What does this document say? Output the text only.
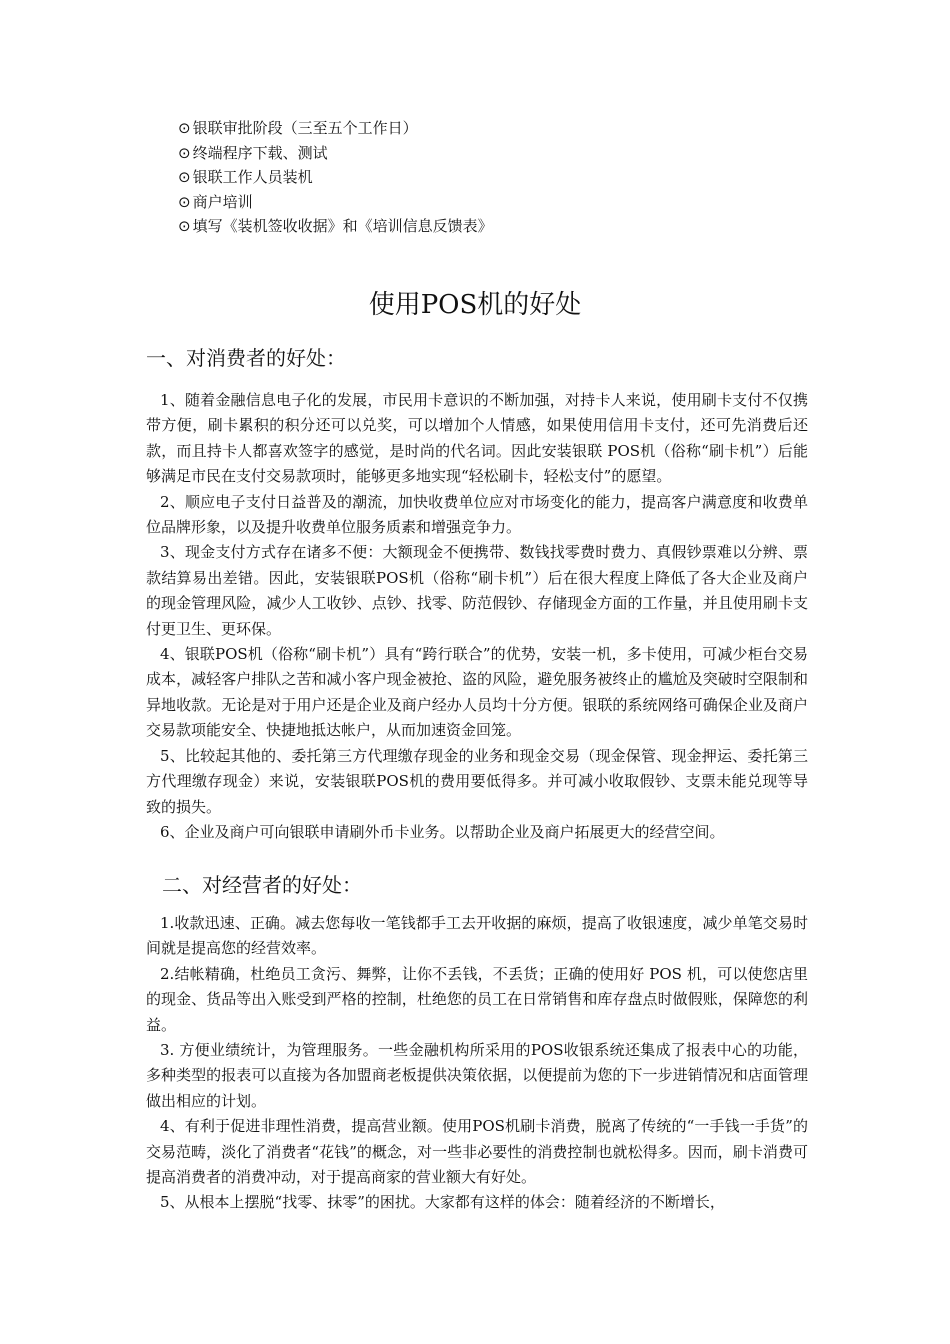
⊙ 银联审批阶段（三至五个工作日）
⊙ 终端程序下载、测试
⊙ 银联工作人员装机
⊙ 商户培训
⊙ 填写《装机签收收据》和《培训信息反馈表》
使用POS机的好处
一、对消费者的好处：

1、随着金融信息电子化的发展，市民用卡意识的不断加强，对持卡人来说，使用刷卡支付不仅携带方便，刷卡累积的积分还可以兑奖，可以增加个人情感，如果使用信用卡支付，还可先消费后还款，而且持卡人都喜欢签字的感觉，是时尚的代名词。因此安装银联 POS机（俗称“刷卡机”）后能够满足市民在支付交易款项时，能够更多地实现“轻松刷卡，轻松支付”的愿望。

2、顺应电子支付日益普及的潮流，加快收费单位应对市场变化的能力，提高客户满意度和收费单位品牌形象，以及提升收费单位服务质素和增强竞争力。

3、现金支付方式存在诸多不便：大额现金不便携带、数钱找零费时费力、真假钞票难以分辨、票款结算易出差错。因此，安装银联POS机（俗称“刷卡机”）后在很大程度上降低了各大企业及商户的现金管理风险，减少人工收钞、点钞、找零、防范假钞、存储现金方面的工作量，并且使用刷卡支付更卫生、更环保。

4、银联POS机（俗称“刷卡机”）具有“跨行联合”的优势，安装一机，多卡使用，可减少柜台交易成本，减轻客户排队之苦和减小客户现金被抢、盗的风险，避免服务被终止的尴尬及突破时空限制和异地收款。无论是对于用户还是企业及商户经办人员均十分方便。银联的系统网络可确保企业及商户交易款项能安全、快捷地抵达帐户，从而加速资金回笼。

5、比较起其他的、委托第三方代理缴存现金的业务和现金交易（现金保管、现金押运、委托第三方代理缴存现金）来说，安装银联POS机的费用要低得多。并可减小收取假钞、支票未能兑现等导致的损失。

6、企业及商户可向银联申请刷外币卡业务。以帮助企业及商户拓展更大的经营空间。

二、对经营者的好处：

1.收款迅速、正确。减去您每收一笔钱都手工去开收据的麻烦，提高了收银速度，减少单笔交易时间就是提高您的经营效率。

2.结帐精确，杜绝员工贪污、舞弊，让你不丢钱，不丢货；正确的使用好 POS 机，可以使您店里的现金、货品等出入账受到严格的控制，杜绝您的员工在日常销售和库存盘点时做假账，保障您的利益。

3. 方便业绩统计，为管理服务。一些金融机构所采用的POS收银系统还集成了报表中心的功能，多种类型的报表可以直接为各加盟商老板提供决策依据，以便提前为您的下一步进销情况和店面管理做出相应的计划。

4、有利于促进非理性消费，提高营业额。使用POS机刷卡消费，脱离了传统的“一手钱一手货”的交易范畴，淡化了消费者“花钱”的概念，对一些非必要性的消费控制也就松得多。因而，刷卡消费可提高消费者的消费冲动，对于提高商家的营业额大有好处。

5、从根本上摆脱“找零、抹零”的困扰。大家都有这样的体会：随着经济的不断增长，
